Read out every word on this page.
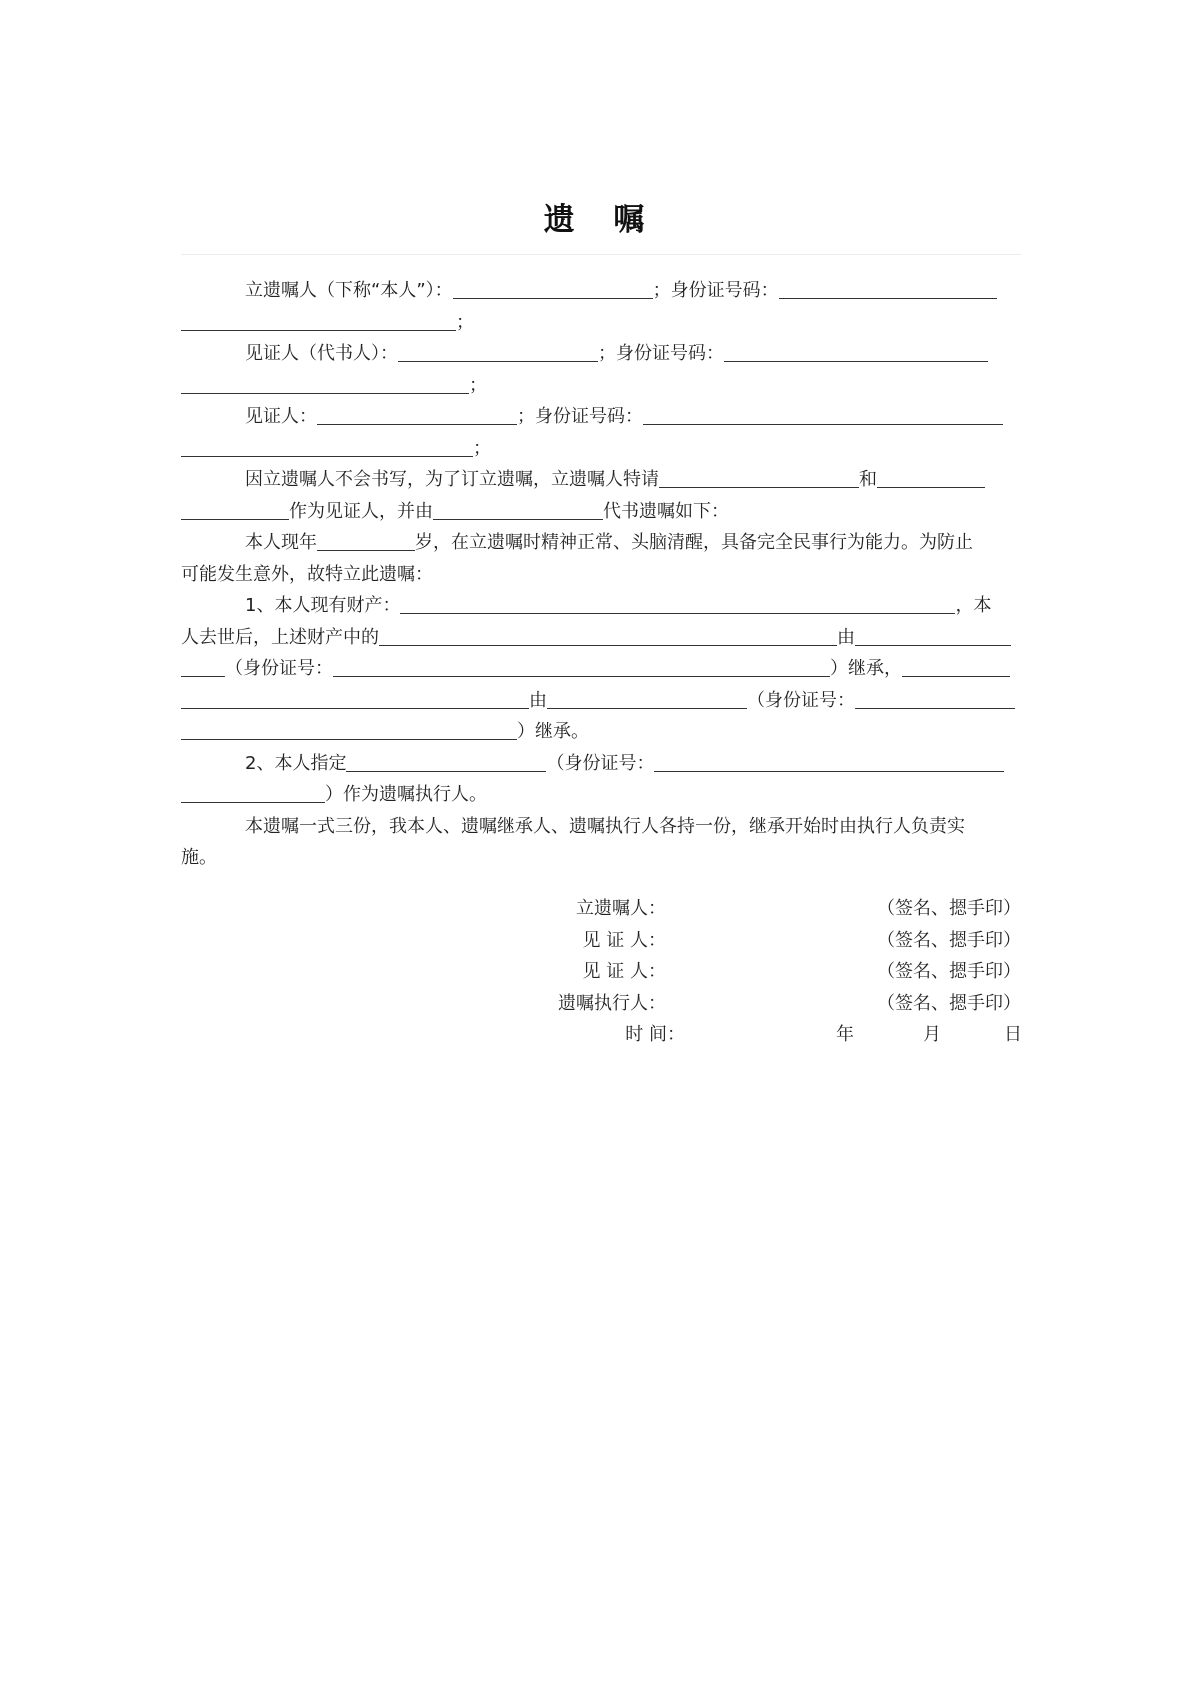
遗 嘱
立遗嘱人（下称“本人”）：	；身份证号码：
；
见证人（代书人）：	；身份证号码：
；
见证人：	；身份证号码：
；
因立遗嘱人不会书写，为了订立遗嘱，立遗嘱人特请	和
作为见证人，并由	代书遗嘱如下：
本人现年	岁，在立遗嘱时精神正常、头脑清醒，具备完全民事行为能力。为防止
可能发生意外，故特立此遗嘱：
1、本人现有财产：	，本
人去世后，上述财产中的	由
（身份证号：	）继承，
由	（身份证号：
）继承。
2、本人指定	（身份证号：
）作为遗嘱执行人。
本遗嘱一式三份，我本人、遗嘱继承人、遗嘱执行人各持一份，继承开始时由执行人负责实
施。
立遗嘱人：	（签名、摁手印）
见 证 人：	（签名、摁手印）
见 证 人：	（签名、摁手印）
遗嘱执行人：	（签名、摁手印）
时 间：	年	月	日
